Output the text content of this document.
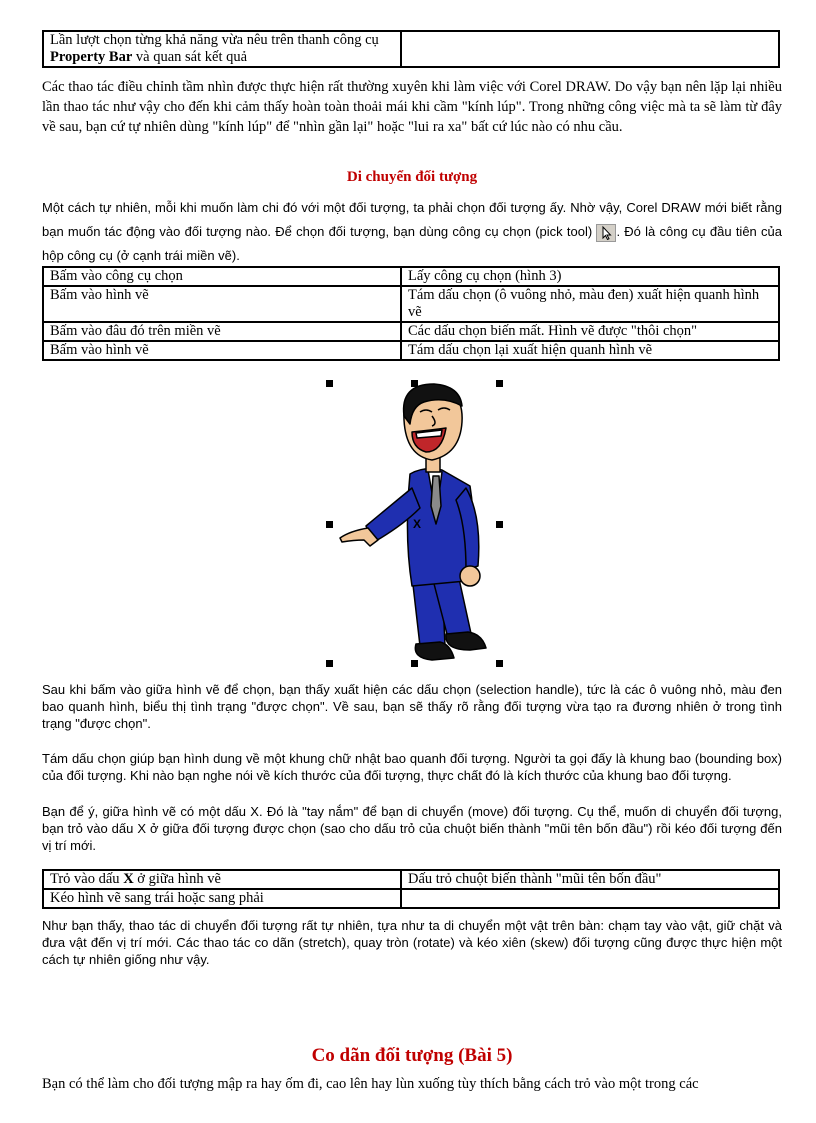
Lần lượt chọn từng khả năng vừa nêu trên thanh công cụ Property Bar và quan sát kết quả	
Các thao tác điều chỉnh tầm nhìn được thực hiện rất thường xuyên khi làm việc với Corel DRAW. Do vậy bạn nên lặp lại nhiều lần thao tác như vậy cho đến khi cảm thấy hoàn toàn thoải mái khi cầm "kính lúp". Trong những công việc mà ta sẽ làm từ đây về sau, bạn cứ tự nhiên dùng "kính lúp" để "nhìn gần lại" hoặc "lui ra xa" bất cứ lúc nào có nhu cầu.
Di chuyển đối tượng
Một cách tự nhiên, mỗi khi muốn làm chi đó với một đối tượng, ta phải chọn đối tượng ấy. Nhờ vậy, Corel DRAW mới biết rằng bạn muốn tác động vào đối tượng nào. Để chọn đối tượng, bạn dùng công cụ chọn (pick tool) . Đó là công cụ đầu tiên của hộp công cụ (ở cạnh trái miền vẽ).
Bấm vào công cụ chọn	Lấy công cụ chọn (hình 3)
Bấm vào hình vẽ	Tám dấu chọn (ô vuông nhỏ, màu đen) xuất hiện quanh hình vẽ
Bấm vào đâu đó trên miền vẽ	Các dấu chọn biến mất. Hình vẽ được "thôi chọn"
Bấm vào hình vẽ	Tám dấu chọn lại xuất hiện quanh hình vẽ
X
Sau khi bấm vào giữa hình vẽ để chọn, bạn thấy xuất hiện các dấu chọn (selection handle), tức là các ô vuông nhỏ, màu đen bao quanh hình, biểu thị tình trạng "được chọn". Về sau, bạn sẽ thấy rõ rằng đối tượng vừa tạo ra đương nhiên ở trong tình trạng "được chọn".
Tám dấu chọn giúp bạn hình dung về một khung chữ nhật bao quanh đối tượng. Người ta gọi đấy là khung bao (bounding box) của đối tượng. Khi nào bạn nghe nói về kích thước của đối tượng, thực chất đó là kích thước của khung bao đối tượng.
Bạn để ý, giữa hình vẽ có một dấu X. Đó là "tay nắm" để bạn di chuyển (move) đối tượng. Cụ thể, muốn di chuyển đối tượng, bạn trỏ vào dấu X ở giữa đối tượng được chọn (sao cho dấu trỏ của chuột biến thành "mũi tên bốn đầu") rồi kéo đối tượng đến vị trí mới.
Trỏ vào dấu X ở giữa hình vẽ	Dấu trỏ chuột biến thành "mũi tên bốn đầu"
Kéo hình vẽ sang trái hoặc sang phải	
Như bạn thấy, thao tác di chuyển đối tượng rất tự nhiên, tựa như ta di chuyển một vật trên bàn: chạm tay vào vật, giữ chặt và đưa vật đến vị trí mới. Các thao tác co dãn (stretch), quay tròn (rotate) và kéo xiên (skew) đối tượng cũng được thực hiện một cách tự nhiên giống như vậy.
Co dãn đối tượng (Bài 5)
Bạn có thể làm cho đối tượng mập ra hay ốm đi, cao lên hay lùn xuống tùy thích bằng cách trỏ vào một trong các
